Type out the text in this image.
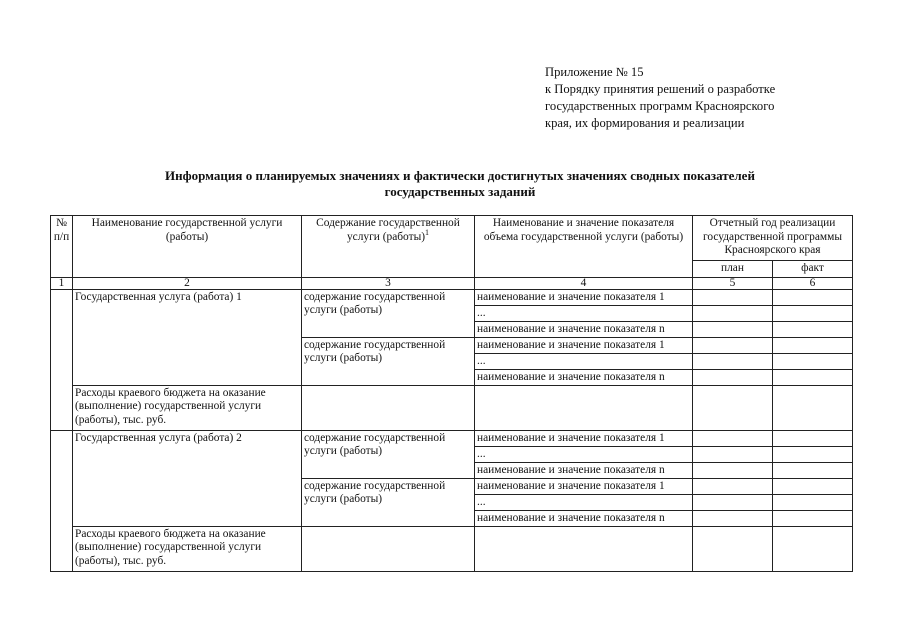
Приложение № 15
к Порядку принятия решений о разработке
государственных программ Красноярского
края, их формирования и реализации
Информация о планируемых значениях и фактически достигнутых значениях сводных показателей
государственных заданий
№ п/п	Наименование государственной услуги (работы)	Содержание государственной услуги (работы)$^1$	Наименование и значение показателя объема государственной услуги (работы)	Отчетный год реализации государственной программы Красноярского края	
				план	факт
1	2	3	4	5	6
	Государственная услуга (работа) 1	содержание государственной услуги (работы)	наименование и значение показателя 1		
			...		
			наименование и значение показателя n		
		содержание государственной услуги (работы)	наименование и значение показателя 1		
			...		
			наименование и значение показателя n		
	Расходы краевого бюджета на оказание (выполнение) государственной услуги (работы), тыс. руб.				
	Государственная услуга (работа) 2	содержание государственной услуги (работы)	наименование и значение показателя 1		
			...		
			наименование и значение показателя n		
		содержание государственной услуги (работы)	наименование и значение показателя 1		
			...		
			наименование и значение показателя n		
	Расходы краевого бюджета на оказание (выполнение) государственной услуги (работы), тыс. руб.				
